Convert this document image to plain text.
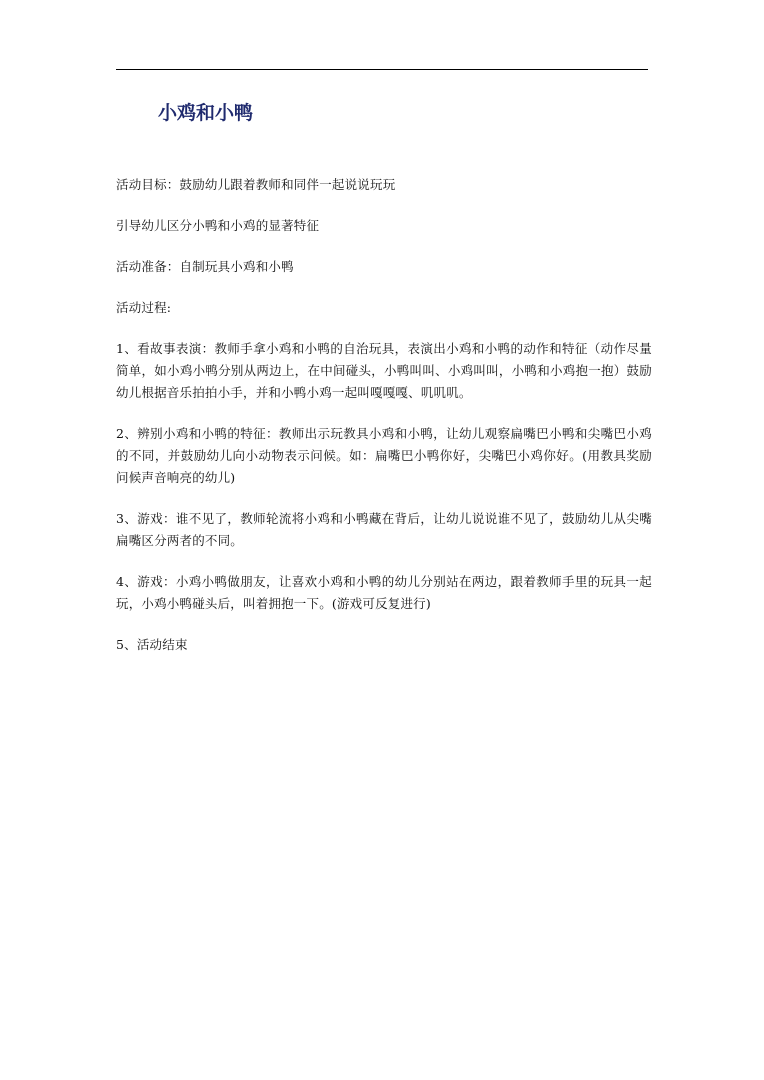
小鸡和小鸭

活动目标：鼓励幼儿跟着教师和同伴一起说说玩玩

引导幼儿区分小鸭和小鸡的显著特征

活动准备：自制玩具小鸡和小鸭

活动过程:

1、看故事表演：教师手拿小鸡和小鸭的自治玩具，表演出小鸡和小鸭的动作和特征（动作尽量简单，如小鸡小鸭分别从两边上，在中间碰头，小鸭叫叫、小鸡叫叫，小鸭和小鸡抱一抱）鼓励幼儿根据音乐拍拍小手，并和小鸭小鸡一起叫嘎嘎嘎、叽叽叽。

2、辨别小鸡和小鸭的特征：教师出示玩教具小鸡和小鸭，让幼儿观察扁嘴巴小鸭和尖嘴巴小鸡的不同，并鼓励幼儿向小动物表示问候。如：扁嘴巴小鸭你好，尖嘴巴小鸡你好。(用教具奖励问候声音响亮的幼儿)

3、游戏：谁不见了，教师轮流将小鸡和小鸭藏在背后，让幼儿说说谁不见了，鼓励幼儿从尖嘴扁嘴区分两者的不同。

4、游戏：小鸡小鸭做朋友，让喜欢小鸡和小鸭的幼儿分别站在两边，跟着教师手里的玩具一起玩，小鸡小鸭碰头后，叫着拥抱一下。(游戏可反复进行)

5、活动结束
